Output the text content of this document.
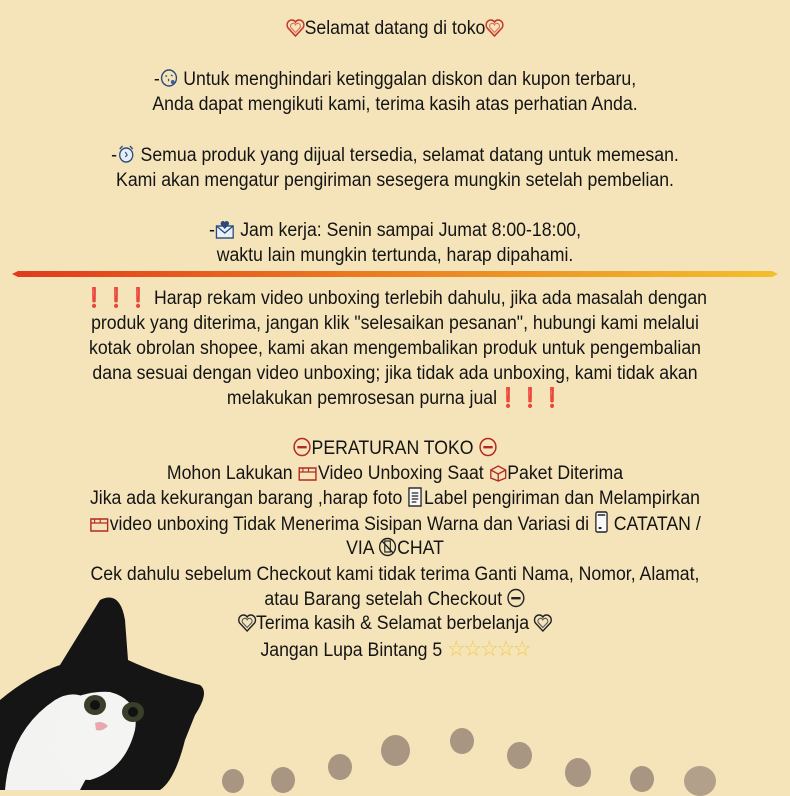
Selamat datang di toko
- Untuk menghindari ketinggalan diskon dan kupon terbaru,
Anda dapat mengikuti kami, terima kasih atas perhatian Anda.
- Semua produk yang dijual tersedia, selamat datang untuk memesan.
Kami akan mengatur pengiriman sesegera mungkin setelah pembelian.
- Jam kerja: Senin sampai Jumat 8:00-18:00,
waktu lain mungkin tertunda, harap dipahami.
❗❗❗ Harap rekam video unboxing terlebih dahulu, jika ada masalah dengan
produk yang diterima, jangan klik "selesaikan pesanan", hubungi kami melalui
kotak obrolan shopee, kami akan mengembalikan produk untuk pengembalian
dana sesuai dengan video unboxing; jika tidak ada unboxing, kami tidak akan
melakukan pemrosesan purna jual❗❗❗
PERATURAN TOKO
Mohon Lakukan Video Unboxing Saat Paket Diterima
Jika ada kekurangan barang ,harap foto Label pengiriman dan Melampirkan
video unboxing Tidak Menerima Sisipan Warna dan Variasi di  CATATAN /
VIA CHAT
Cek dahulu sebelum Checkout kami tidak terima Ganti Nama, Nomor, Alamat,
atau Barang setelah Checkout
Terima kasih & Selamat berbelanja
Jangan Lupa Bintang 5 ☆☆☆☆☆
